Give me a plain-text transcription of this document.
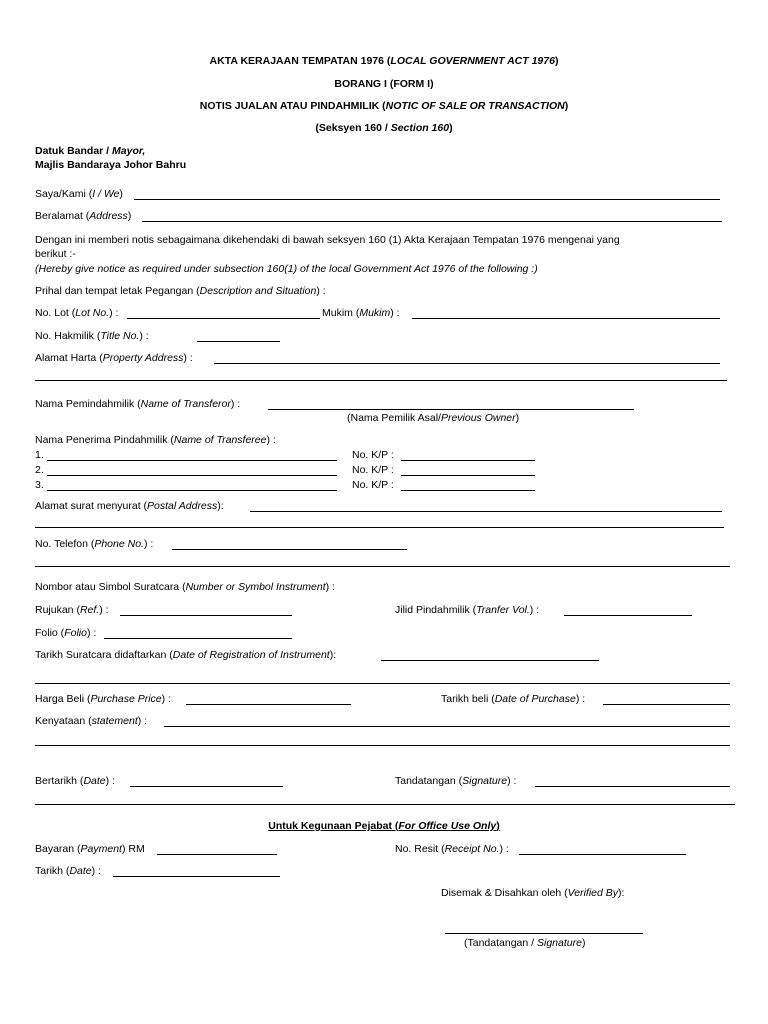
AKTA KERAJAAN TEMPATAN 1976 (LOCAL GOVERNMENT ACT 1976)
BORANG I (FORM I)
NOTIS JUALAN ATAU PINDAHMILIK (NOTIC OF SALE OR TRANSACTION)
(Seksyen 160 / Section 160)
Datuk Bandar / Mayor,
Majlis Bandaraya Johor Bahru
Saya/Kami (I / We)
Beralamat (Address)
Dengan ini memberi notis sebagaimana dikehendaki di bawah seksyen 160 (1) Akta Kerajaan Tempatan 1976 mengenai yang
berikut :-
(Hereby give notice as required under subsection 160(1) of the local Government Act 1976 of the following :)
Prihal dan tempat letak Pegangan (Description and Situation) :
No. Lot (Lot No.) :	Mukim (Mukim) :
No. Hakmilik (Title No.) :
Alamat Harta (Property Address) :
Nama Pemindahmilik (Name of Transferor) :
(Nama Pemilik Asal/Previous Owner)
Nama Penerima Pindahmilik (Name of Transferee) :
1.	No. K/P :
2.	No. K/P :
3.	No. K/P :
Alamat surat menyurat (Postal Address):
No. Telefon (Phone No.) :
Nombor atau Simbol Suratcara (Number or Symbol Instrument) :
Rujukan (Ref.) :	Jilid Pindahmilik (Tranfer Vol.) :
Folio (Folio) :
Tarikh Suratcara didaftarkan (Date of Registration of Instrument):
Harga Beli (Purchase Price) :	Tarikh beli (Date of Purchase) :
Kenyataan (statement) :
Bertarikh (Date) :	Tandatangan (Signature) :
Untuk Kegunaan Pejabat (For Office Use Only)
Bayaran (Payment) RM	No. Resit (Receipt No.) :
Tarikh (Date) :
Disemak & Disahkan oleh (Verified By):
(Tandatangan / Signature)
